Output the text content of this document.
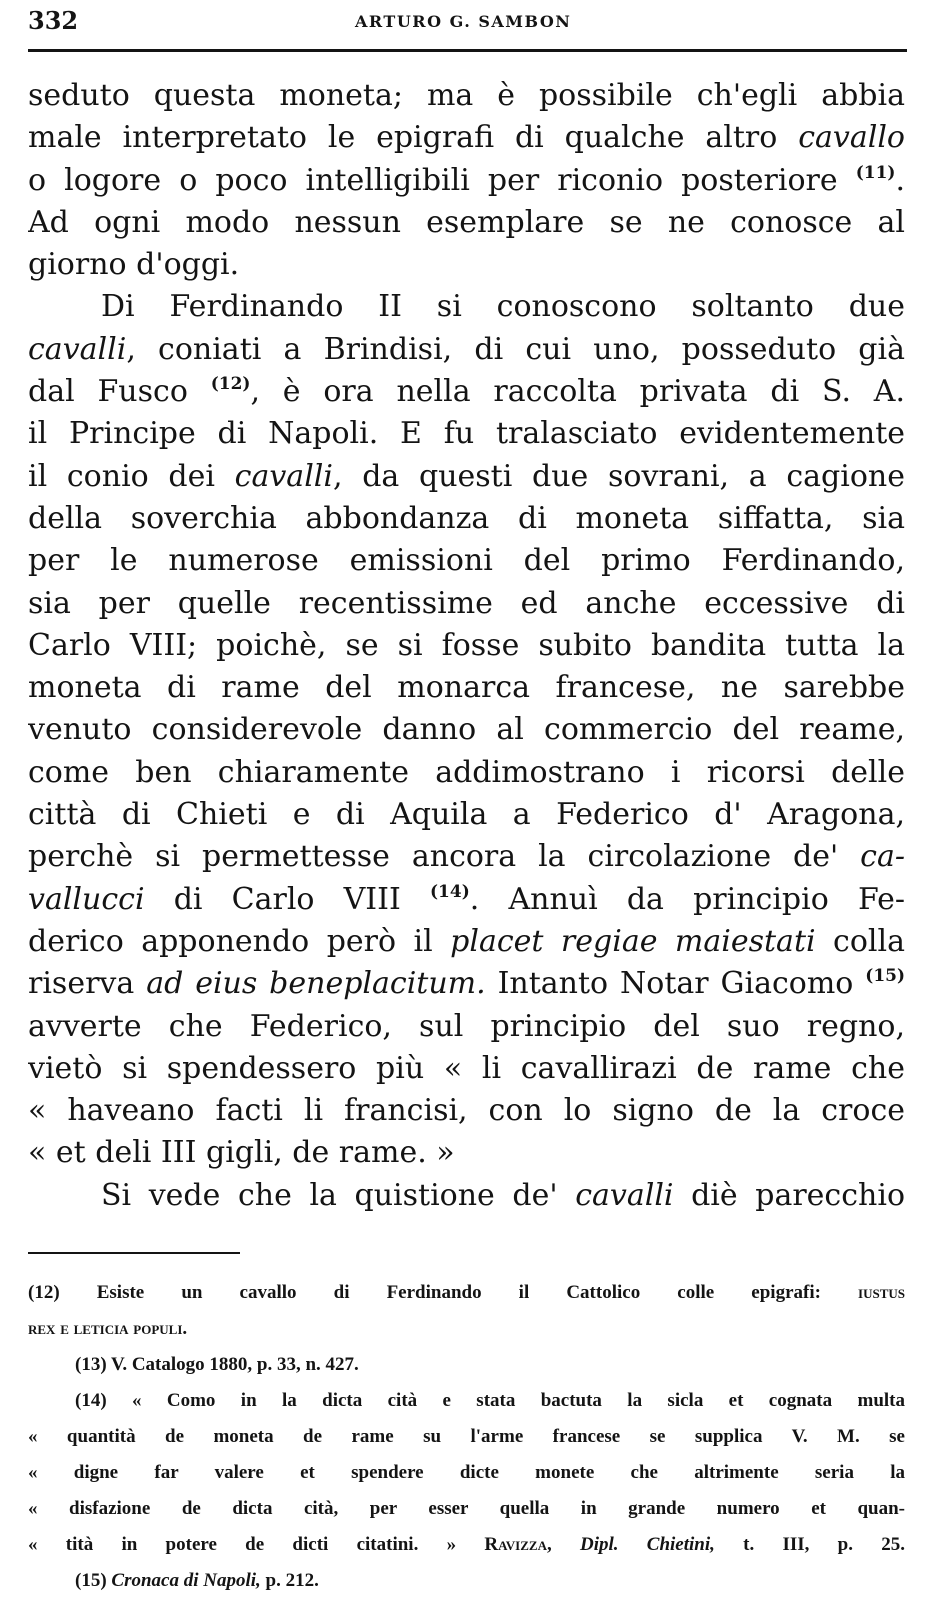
332	ARTURO G. SAMBON
seduto questa moneta; ma è possibile ch'egli abbia
male interpretato le epigrafi di qualche altro cavallo
o logore o poco intelligibili per riconio posteriore $^{(11)}$.
Ad ogni modo nessun esemplare se ne conosce al
giorno d'oggi.
Di Ferdinando II si conoscono soltanto due
cavalli, coniati a Brindisi, di cui uno, posseduto già
dal Fusco $^{(12)}$, è ora nella raccolta privata di S. A.
il Principe di Napoli. E fu tralasciato evidentemente
il conio dei cavalli, da questi due sovrani, a cagione
della soverchia abbondanza di moneta siffatta, sia
per le numerose emissioni del primo Ferdinando,
sia per quelle recentissime ed anche eccessive di
Carlo VIII; poichè, se si fosse subito bandita tutta la
moneta di rame del monarca francese, ne sarebbe
venuto considerevole danno al commercio del reame,
come ben chiaramente addimostrano i ricorsi delle
città di Chieti e di Aquila a Federico d' Aragona,
perchè si permettesse ancora la circolazione de' ca-
vallucci di Carlo VIII $^{(14)}$. Annuì da principio Fe-
derico apponendo però il placet regiae maiestati colla
riserva ad eius beneplacitum. Intanto Notar Giacomo $^{(15)}$
avverte che Federico, sul principio del suo regno,
vietò si spendessero più « li cavallirazi de rame che
« haveano facti li francisi, con lo signo de la croce
« et deli III gigli, de rame. »
Si vede che la quistione de' cavalli diè parecchio
(12) Esiste un cavallo di Ferdinando il Cattolico colle epigrafi: iustus
rex e leticia populi.
(13) V. Catalogo 1880, p. 33, n. 427.
(14) « Como in la dicta cità e stata bactuta la sicla et cognata multa
« quantità de moneta de rame su l'arme francese se supplica V. M. se
« digne far valere et spendere dicte monete che altrimente seria la
« disfazione de dicta cità, per esser quella in grande numero et quan-
« tità in potere de dicti citatini. » Ravizza, Dipl. Chietini, t. III, p. 25.
(15) Cronaca di Napoli, p. 212.
